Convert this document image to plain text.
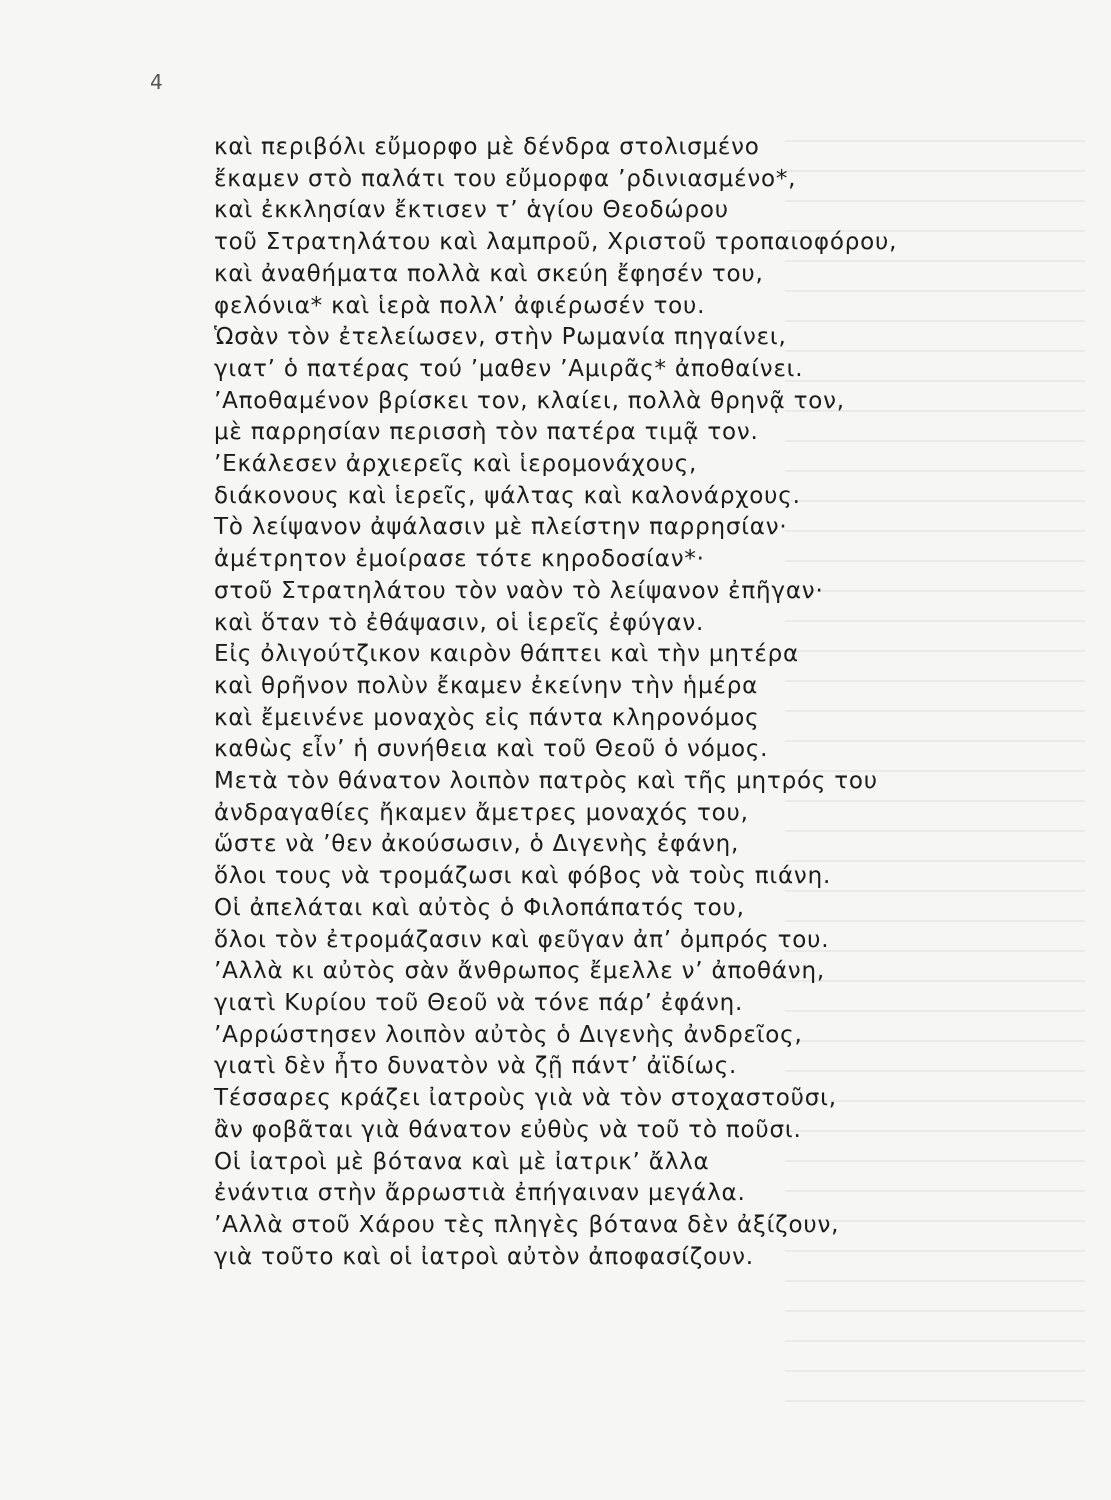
4
καὶ περιβόλι εὔμορφο μὲ δένδρα στολισμένο
ἔκαμεν στὸ παλάτι του εὔμορφα ’ρδινιασμένο*,
καὶ ἐκκλησίαν ἔκτισεν τ’ ἁγίου Θεοδώρου
τοῦ Στρατηλάτου καὶ λαμπροῦ, Χριστοῦ τροπαιοφόρου,
καὶ ἀναθήματα πολλὰ καὶ σκεύη ἔφησέν του,
φελόνια* καὶ ἱερὰ πολλ’ ἀφιέρωσέν του.
Ὡσὰν τὸν ἐτελείωσεν, στὴν Ρωμανία πηγαίνει,
γιατ’ ὁ πατέρας τού ’μαθεν ’Αμιρᾶς* ἀποθαίνει.
’Αποθαμένον βρίσκει τον, κλαίει, πολλὰ θρηνᾷ τον,
μὲ παρρησίαν περισσὴ τὸν πατέρα τιμᾷ τον.
’Εκάλεσεν ἀρχιερεῖς καὶ ἱερομονάχους,
διάκονους καὶ ἱερεῖς, ψάλτας καὶ καλονάρχους.
Τὸ λείψανον ἀψάλασιν μὲ πλείστην παρρησίαν·
ἀμέτρητον ἐμοίρασε τότε κηροδοσίαν*·
στοῦ Στρατηλάτου τὸν ναὸν τὸ λείψανον ἐπῆγαν·
καὶ ὅταν τὸ ἐθάψασιν, οἱ ἱερεῖς ἐφύγαν.
Εἰς ὀλιγούτζικον καιρὸν θάπτει καὶ τὴν μητέρα
καὶ θρῆνον πολὺν ἔκαμεν ἐκείνην τὴν ἡμέρα
καὶ ἔμεινένε μοναχὸς εἰς πάντα κληρονόμος
καθὼς εἶν’ ἡ συνήθεια καὶ τοῦ Θεοῦ ὁ νόμος.
Μετὰ τὸν θάνατον λοιπὸν πατρὸς καὶ τῆς μητρός του
ἀνδραγαθίες ἤκαμεν ἄμετρες μοναχός του,
ὥστε νὰ ’θεν ἀκούσωσιν, ὁ Διγενὴς ἐφάνη,
ὅλοι τους νὰ τρομάζωσι καὶ φόβος νὰ τοὺς πιάνη.
Οἱ ἀπελάται καὶ αὐτὸς ὁ Φιλοπάπατός του,
ὅλοι τὸν ἐτρομάζασιν καὶ φεῦγαν ἀπ’ ὀμπρός του.
’Αλλὰ κι αὐτὸς σὰν ἄνθρωπος ἔμελλε ν’ ἀποθάνη,
γιατὶ Κυρίου τοῦ Θεοῦ νὰ τόνε πάρ’ ἐφάνη.
’Αρρώστησεν λοιπὸν αὐτὸς ὁ Διγενὴς ἀνδρεῖος,
γιατὶ δὲν ἦτο δυνατὸν νὰ ζῇ πάντ’ ἀϊδίως.
Τέσσαρες κράζει ἰατροὺς γιὰ νὰ τὸν στοχαστοῦσι,
ἂν φοβᾶται γιὰ θάνατον εὐθὺς νὰ τοῦ τὸ ποῦσι.
Οἱ ἰατροὶ μὲ βότανα καὶ μὲ ἰατρικ’ ἄλλα
ἐνάντια στὴν ἄρρωστιὰ ἐπήγαιναν μεγάλα.
’Αλλὰ στοῦ Χάρου τὲς πληγὲς βότανα δὲν ἀξίζουν,
γιὰ τοῦτο καὶ οἱ ἰατροὶ αὐτὸν ἀποφασίζουν.
